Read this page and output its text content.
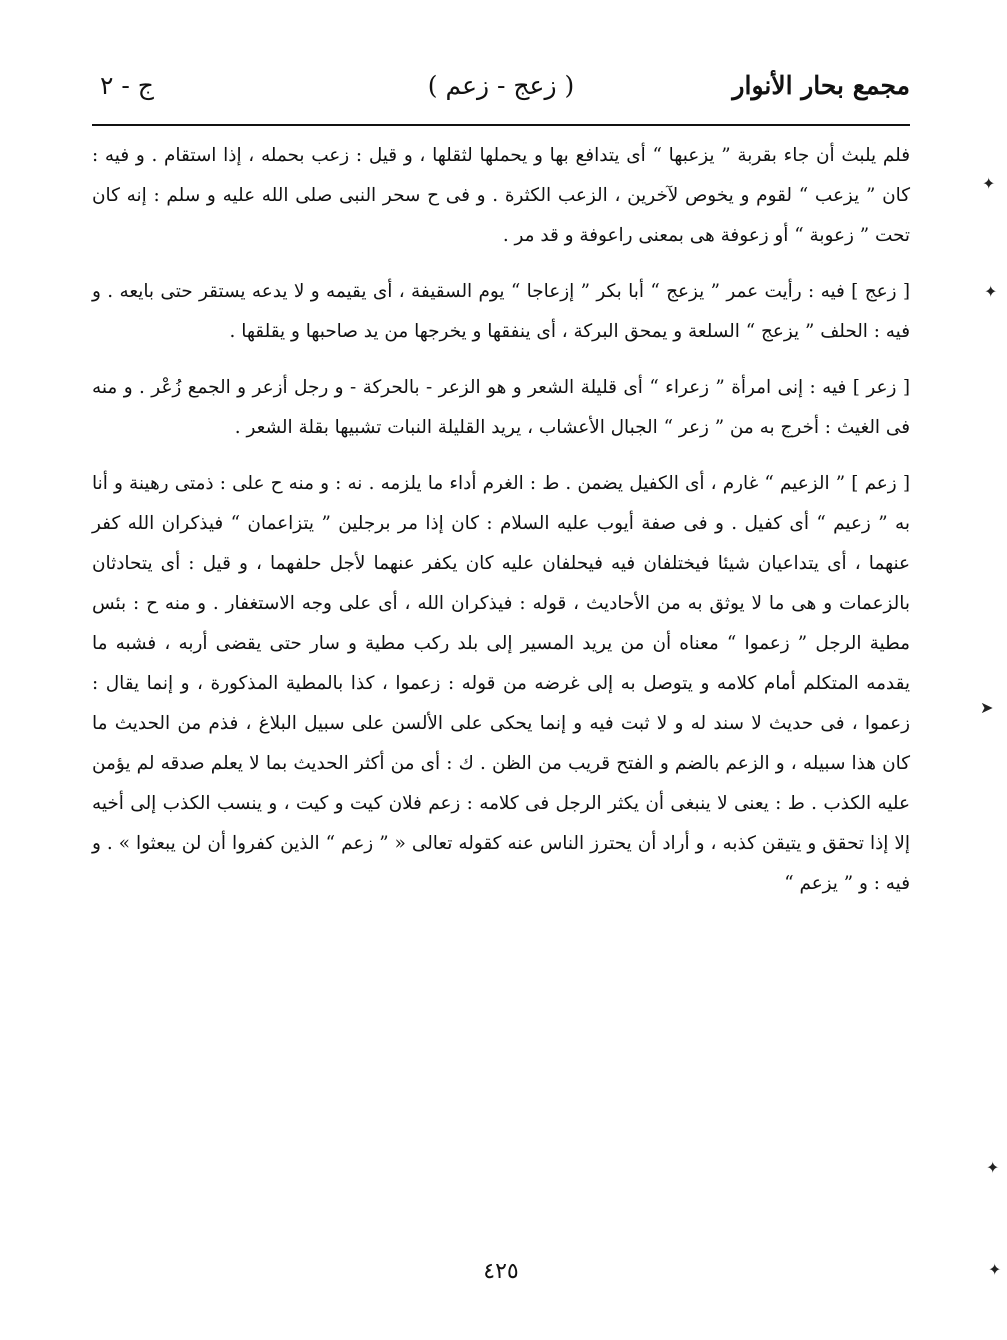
مجمع بحار الأنوار
( زعج - زعم )
ج - ٢

فلم يلبث أن جاء بقربة ” يزعبها “ أى يتدافع بها و يحملها لثقلها ، و قيل : زعب بحمله ، إذا استقام . و فيه : كان ” يزعب “ لقوم و يخوص لآخرين ، الزعب الكثرة . و فى ح سحر النبى صلى الله عليه و سلم : إنه كان تحت ” زعوبة “ أو زعوفة هى بمعنى راعوفة و قد مر .

[ زعج ] فيه : رأيت عمر ” يزعج “ أبا بكر ” إزعاجا “ يوم السقيفة ، أى يقيمه و لا يدعه يستقر حتى بايعه . و فيه : الحلف ” يزعج “ السلعة و يمحق البركة ، أى ينفقها و يخرجها من يد صاحبها و يقلقها .

[ زعر ] فيه : إنى امرأة ” زعراء “ أى قليلة الشعر و هو الزعر - بالحركة - و رجل أزعر و الجمع زُعْر . و منه فى الغيث : أخرج به من ” زعر “ الجبال الأعشاب ، يريد القليلة النبات تشبيها بقلة الشعر .

[ زعم ] ” الزعيم “ غارم ، أى الكفيل يضمن . ط : الغرم أداء ما يلزمه . نه : و منه ح على : ذمتى رهينة و أنا به ” زعيم “ أى كفيل . و فى صفة أيوب عليه السلام : كان إذا مر برجلين ” يتزاعمان “ فيذكران الله كفر عنهما ، أى يتداعيان شيئا فيختلفان فيه فيحلفان عليه كان يكفر عنهما لأجل حلفهما ، و قيل : أى يتحادثان بالزعمات و هى ما لا يوثق به من الأحاديث ، قوله : فيذكران الله ، أى على وجه الاستغفار . و منه ح : بئس مطية الرجل ” زعموا “ معناه أن من يريد المسير إلى بلد ركب مطية و سار حتى يقضى أربه ، فشبه ما يقدمه المتكلم أمام كلامه و يتوصل به إلى غرضه من قوله : زعموا ، كذا بالمطية المذكورة ، و إنما يقال : زعموا ، فى حديث لا سند له و لا ثبت فيه و إنما يحكى على الألسن على سبيل البلاغ ، فذم من الحديث ما كان هذا سبيله ، و الزعم بالضم و الفتح قريب من الظن . ك : أى من أكثر الحديث بما لا يعلم صدقه لم يؤمن عليه الكذب . ط : يعنى لا ينبغى أن يكثر الرجل فى كلامه : زعم فلان كيت و كيت ، و ينسب الكذب إلى أخيه إلا إذا تحقق و يتيقن كذبه ، و أراد أن يحترز الناس عنه كقوله تعالى « ” زعم “ الذين كفروا أن لن يبعثوا » . و فيه : و ” يزعم “

٤٢٥
✦
✦
➤
✦
✦
